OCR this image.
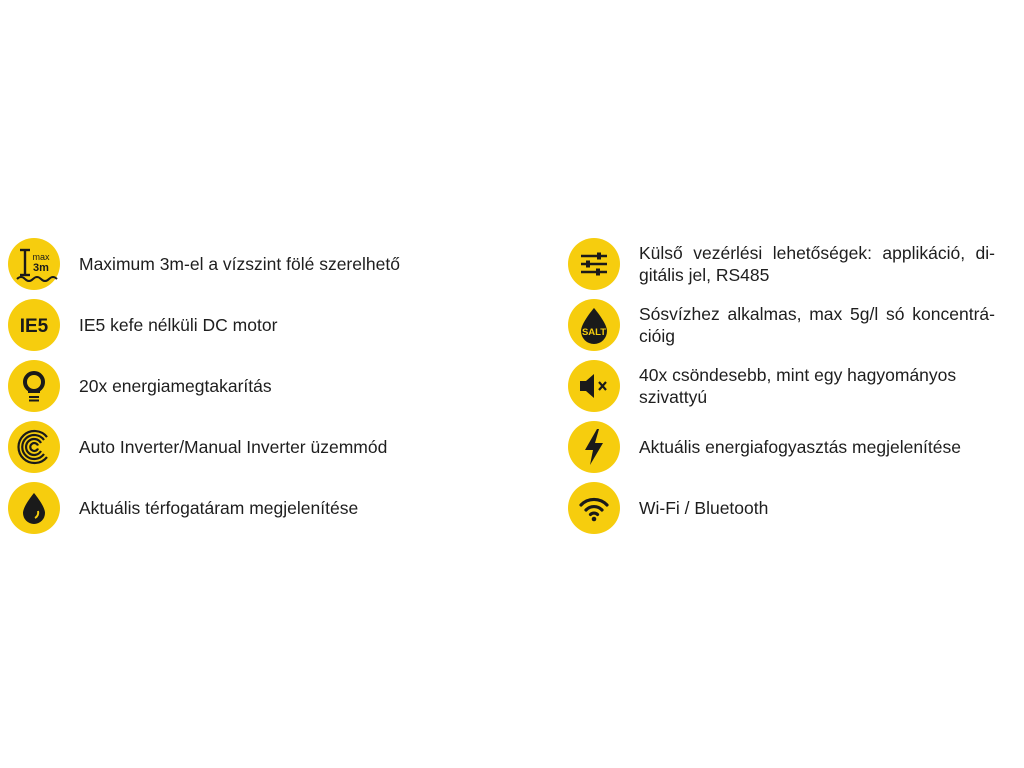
max
3m Maximum 3m-el a vízszint fölé szerelhető
IE5 IE5 kefe nélküli DC motor
20x energiamegtakarítás
Auto Inverter/Manual Inverter üzemmód
Aktuális térfogatáram megjelenítése
Külső vezérlési lehetőségek: applikáció, di-
gitális jel, RS485
SALT
Sósvízhez alkalmas, max 5g/l só koncentrá-
cióig
40x csöndesebb, mint egy hagyományos
szivattyú
Aktuális energiafogyasztás megjelenítése
Wi-Fi / Bluetooth
